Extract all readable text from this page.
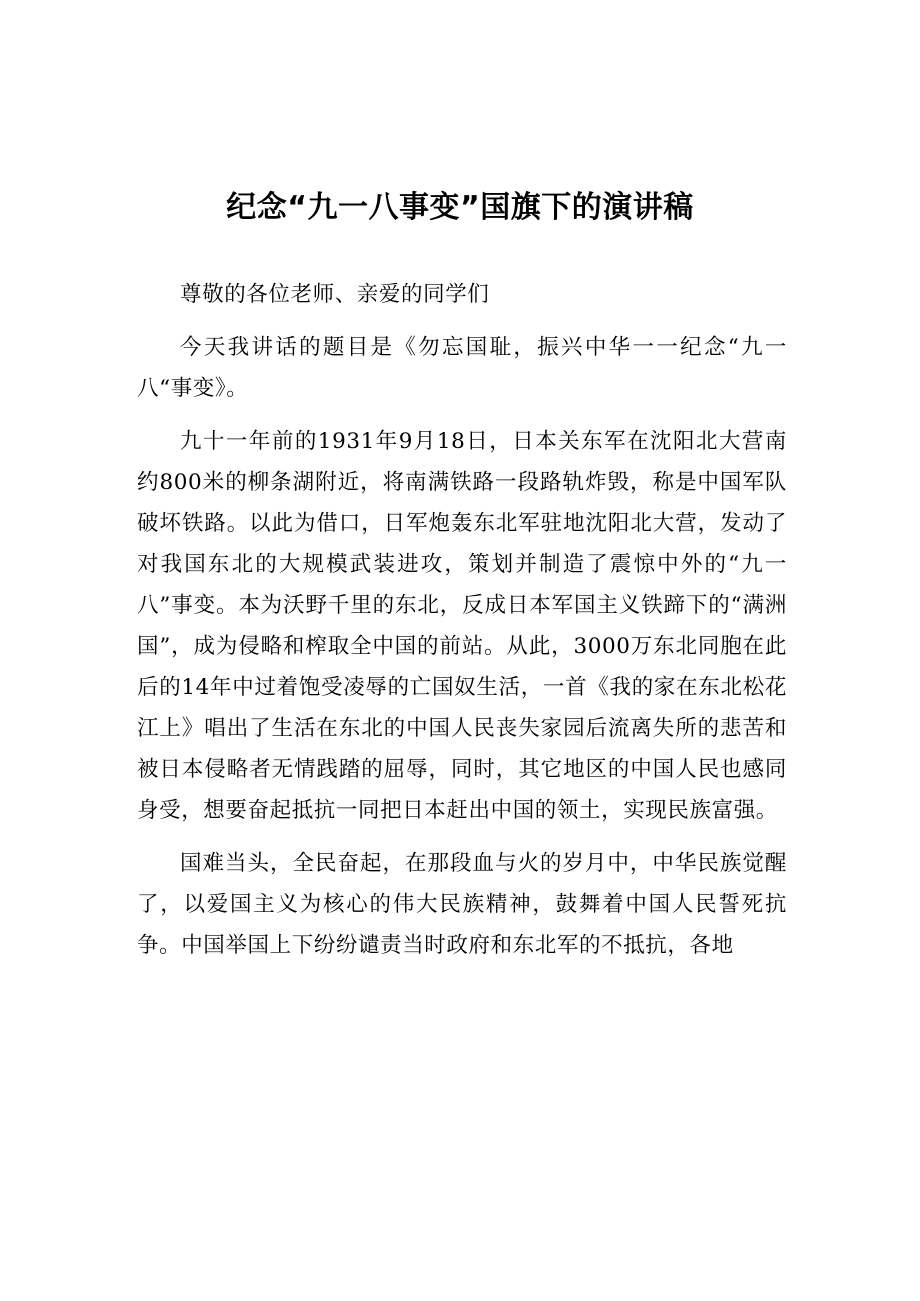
纪念“九一八事变”国旗下的演讲稿

尊敬的各位老师、亲爱的同学们

今天我讲话的题目是《勿忘国耻，振兴中华一一纪念“九一八“事变》。

九十一年前的1931年9月18日，日本关东军在沈阳北大营南约800米的柳条湖附近，将南满铁路一段路轨炸毁，称是中国军队破坏铁路。以此为借口，日军炮轰东北军驻地沈阳北大营，发动了对我国东北的大规模武装进攻，策划并制造了震惊中外的“九一八”事变。本为沃野千里的东北，反成日本军国主义铁蹄下的“满洲国”，成为侵略和榨取全中国的前站。从此，3000万东北同胞在此后的14年中过着饱受凌辱的亡国奴生活，一首《我的家在东北松花江上》唱出了生活在东北的中国人民丧失家园后流离失所的悲苦和被日本侵略者无情践踏的屈辱，同时，其它地区的中国人民也感同身受，想要奋起抵抗一同把日本赶出中国的领土，实现民族富强。

国难当头，全民奋起，在那段血与火的岁月中，中华民族觉醒了，以爱国主义为核心的伟大民族精神，鼓舞着中国人民誓死抗争。中国举国上下纷纷谴责当时政府和东北军的不抵抗，各地
